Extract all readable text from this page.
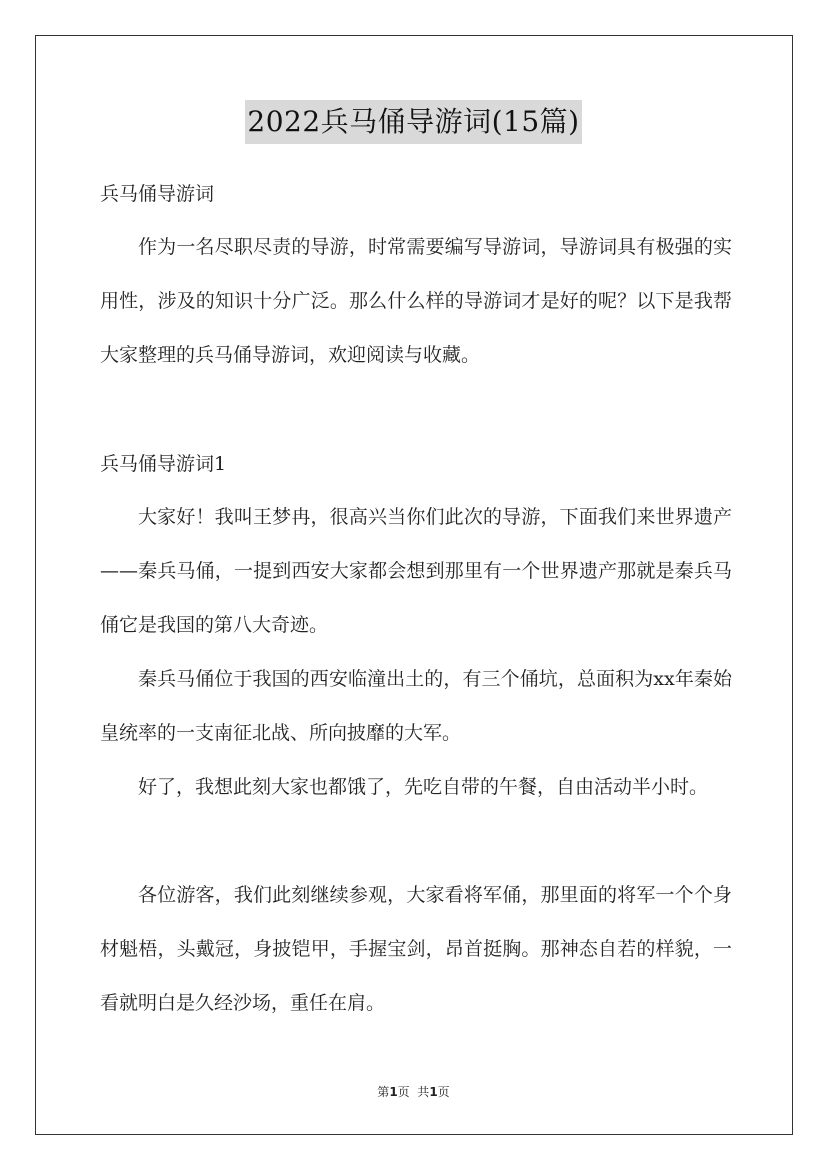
2022兵马俑导游词(15篇)
兵马俑导游词
作为一名尽职尽责的导游，时常需要编写导游词，导游词具有极强的实用性，涉及的知识十分广泛。那么什么样的导游词才是好的呢？以下是我帮大家整理的兵马俑导游词，欢迎阅读与收藏。
兵马俑导游词1
大家好！我叫王梦冉，很高兴当你们此次的导游，下面我们来世界遗产——秦兵马俑，一提到西安大家都会想到那里有一个世界遗产那就是秦兵马俑它是我国的第八大奇迹。
秦兵马俑位于我国的西安临潼出土的，有三个俑坑，总面积为xx年秦始皇统率的一支南征北战、所向披靡的大军。
好了，我想此刻大家也都饿了，先吃自带的午餐，自由活动半小时。
各位游客，我们此刻继续参观，大家看将军俑，那里面的将军一个个身材魁梧，头戴冠，身披铠甲，手握宝剑，昂首挺胸。那神态自若的样貌，一看就明白是久经沙场，重任在肩。
第1页  共1页
